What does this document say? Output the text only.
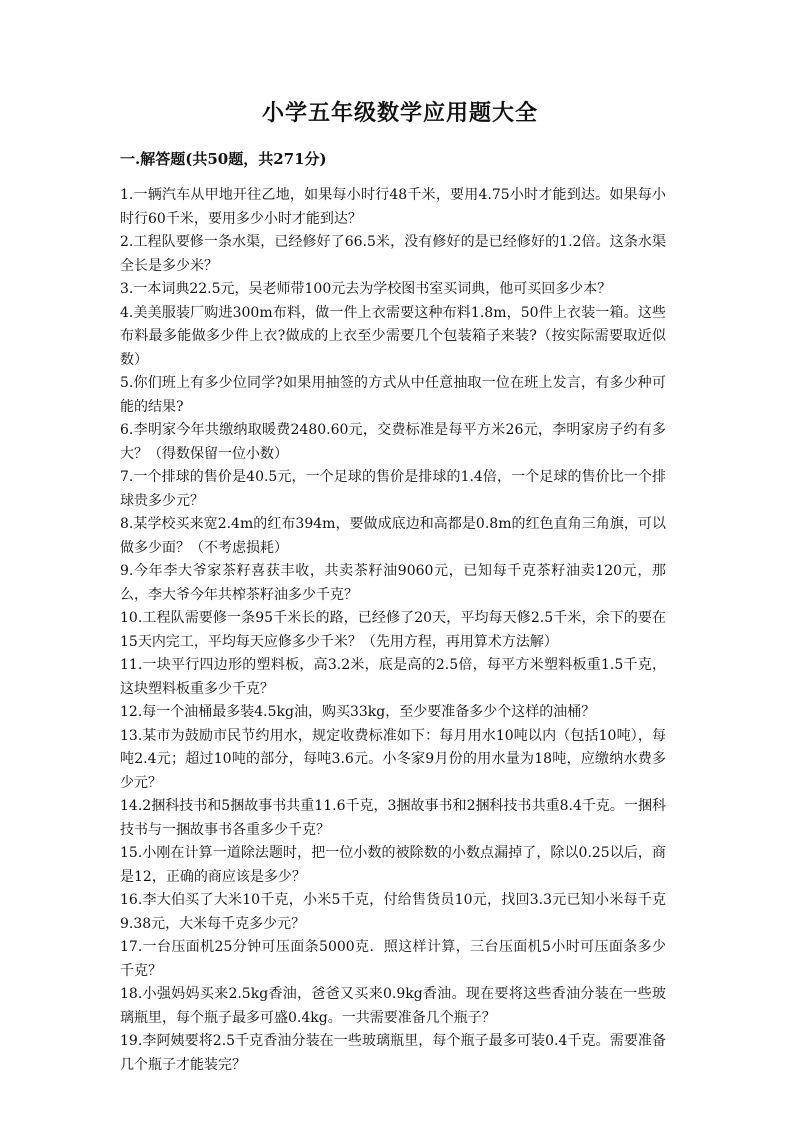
小学五年级数学应用题大全
一.解答题(共50题，共271分)

1.一辆汽车从甲地开往乙地，如果每小时行48千米，要用4.75小时才能到达。如果每小时行60千米，要用多少小时才能到达？

2.工程队要修一条水渠，已经修好了66.5米，没有修好的是已经修好的1.2倍。这条水渠全长是多少米？

3.一本词典22.5元，吴老师带100元去为学校图书室买词典，他可买回多少本？

4.美美服装厂购进300m布料，做一件上衣需要这种布料1.8m，50件上衣装一箱。这些布料最多能做多少件上衣?做成的上衣至少需要几个包装箱子来装?（按实际需要取近似数）

5.你们班上有多少位同学?如果用抽签的方式从中任意抽取一位在班上发言，有多少种可能的结果?

6.李明家今年共缴纳取暖费2480.60元，交费标准是每平方米26元，李明家房子约有多大？（得数保留一位小数）

7.一个排球的售价是40.5元，一个足球的售价是排球的1.4倍，一个足球的售价比一个排球贵多少元？

8.某学校买来宽2.4m的红布394m，要做成底边和高都是0.8m的红色直角三角旗，可以做多少面？（不考虑损耗）

9.今年李大爷家茶籽喜获丰收，共卖茶籽油9060元，已知每千克茶籽油卖120元，那么，李大爷今年共榨茶籽油多少千克？

10.工程队需要修一条95千米长的路，已经修了20天，平均每天修2.5千米，余下的要在15天内完工，平均每天应修多少千米？（先用方程，再用算术方法解）

11.一块平行四边形的塑料板，高3.2米，底是高的2.5倍，每平方米塑料板重1.5千克，这块塑料板重多少千克？

12.每一个油桶最多装4.5kg油，购买33kg，至少要准备多少个这样的油桶？

13.某市为鼓励市民节约用水，规定收费标准如下：每月用水10吨以内（包括10吨），每吨2.4元；超过10吨的部分，每吨3.6元。小冬家9月份的用水量为18吨，应缴纳水费多少元？

14.2捆科技书和5捆故事书共重11.6千克，3捆故事书和2捆科技书共重8.4千克。一捆科技书与一捆故事书各重多少千克？

15.小刚在计算一道除法题时，把一位小数的被除数的小数点漏掉了，除以0.25以后，商是12，正确的商应该是多少？

16.李大伯买了大米10千克，小米5千克，付给售货员10元，找回3.3元已知小米每千克9.38元，大米每千克多少元？

17.一台压面机25分钟可压面条5000克．照这样计算，三台压面机5小时可压面条多少千克？

18.小强妈妈买来2.5kg香油，爸爸又买来0.9kg香油。现在要将这些香油分装在一些玻璃瓶里，每个瓶子最多可盛0.4kg。一共需要准备几个瓶子？

19.李阿姨要将2.5千克香油分装在一些玻璃瓶里，每个瓶子最多可装0.4千克。需要准备几个瓶子才能装完？
